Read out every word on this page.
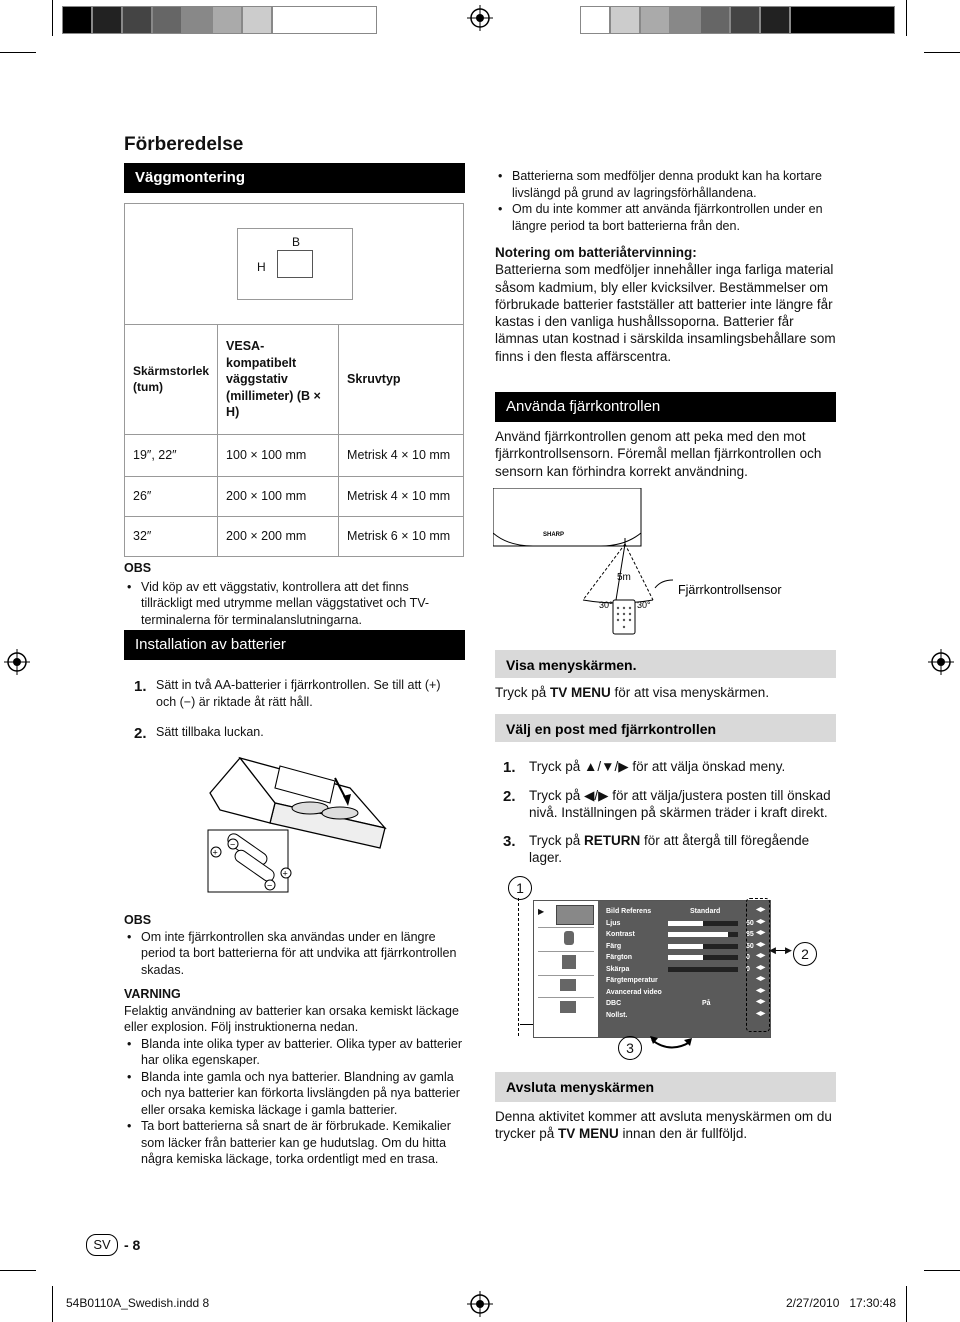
Förberedelse
Väggmontering
B
H
Skärmstorlek (tum)	VESA-kompatibelt väggstativ (millimeter) (B × H)	Skruvtyp
19″, 22″	100 × 100 mm	Metrisk 4 × 10 mm
26″	200 × 100 mm	Metrisk 4 × 10 mm
32″	200 × 200 mm	Metrisk 6 × 10 mm
OBS
• Vid köp av ett väggstativ, kontrollera att det finns tillräckligt med utrymme mellan väggstativet och TV-terminalerna för terminalanslutningarna.
Installation av batterier
1. Sätt in två AA-batterier i fjärrkontrollen. Se till att (+) och (−) är riktade åt rätt håll.
2. Sätt tillbaka luckan.
+
−
−
+
OBS
• Om inte fjärrkontrollen ska användas under en längre period ta bort batterierna för att undvika att fjärrkontrollen skadas.
VARNING
Felaktig användning av batterier kan orsaka kemiskt läckage eller explosion. Följ instruktionerna nedan.
• Blanda inte olika typer av batterier. Olika typer av batterier har olika egenskaper.
• Blanda inte gamla och nya batterier. Blandning av gamla och nya batterier kan förkorta livslängden på nya batterier eller orsaka kemiska läckage i gamla batterier.
• Ta bort batterierna så snart de är förbrukade. Kemikalier som läcker från batterier kan ge hudutslag. Om du hitta några kemiska läckage, torka ordentligt med en trasa.
• Batterierna som medföljer denna produkt kan ha kortare livslängd på grund av lagringsförhållandena.
• Om du inte kommer att använda fjärrkontrollen under en längre period ta bort batterierna från den.
Notering om batteriåtervinning:
Batterierna som medföljer innehåller inga farliga material såsom kadmium, bly eller kvicksilver. Bestämmelser om förbrukade batterier fastställer att batterier inte längre får kastas i den vanliga hushållssoporna. Batterier får lämnas utan kostnad i särskilda insamlingsbehållare som finns i den flesta affärscentra.
Använda fjärrkontrollen
Använd fjärrkontrollen genom att peka med den mot fjärrkontrollsensorn. Föremål mellan fjärrkontrollen och sensorn kan förhindra korrekt användning.
SHARP
5m
30°	30°
Fjärrkontrollsensor
Visa menyskärmen.
Tryck på TV MENU för att visa menyskärmen.
Välj en post med fjärrkontrollen
1. Tryck på ▲/▼/▶ för att välja önskad meny.
2. Tryck på ◀/▶ för att välja/justera posten till önskad nivå. Inställningen på skärmen träder i kraft direkt.
3. Tryck på RETURN för att återgå till föregående lager.
1
▶	Bild Referens	Standard	◀▶
Ljus	50 ◀▶
Kontrast	85 ◀▶
Färg	50 ◀▶
Färgton	0 ◀▶
Skärpa	0 ◀▶
Färgtemperatur	◀▶
Avancerad video	◀▶
DBC	På	◀▶
Nollst.	◀▶
◀ ▶ 2
3
Avsluta menyskärmen
Denna aktivitet kommer att avsluta menyskärmen om du trycker på TV MENU innan den är fullföljd.
SV - 8
54B0110A_Swedish.indd 8	2/27/2010   17:30:48
